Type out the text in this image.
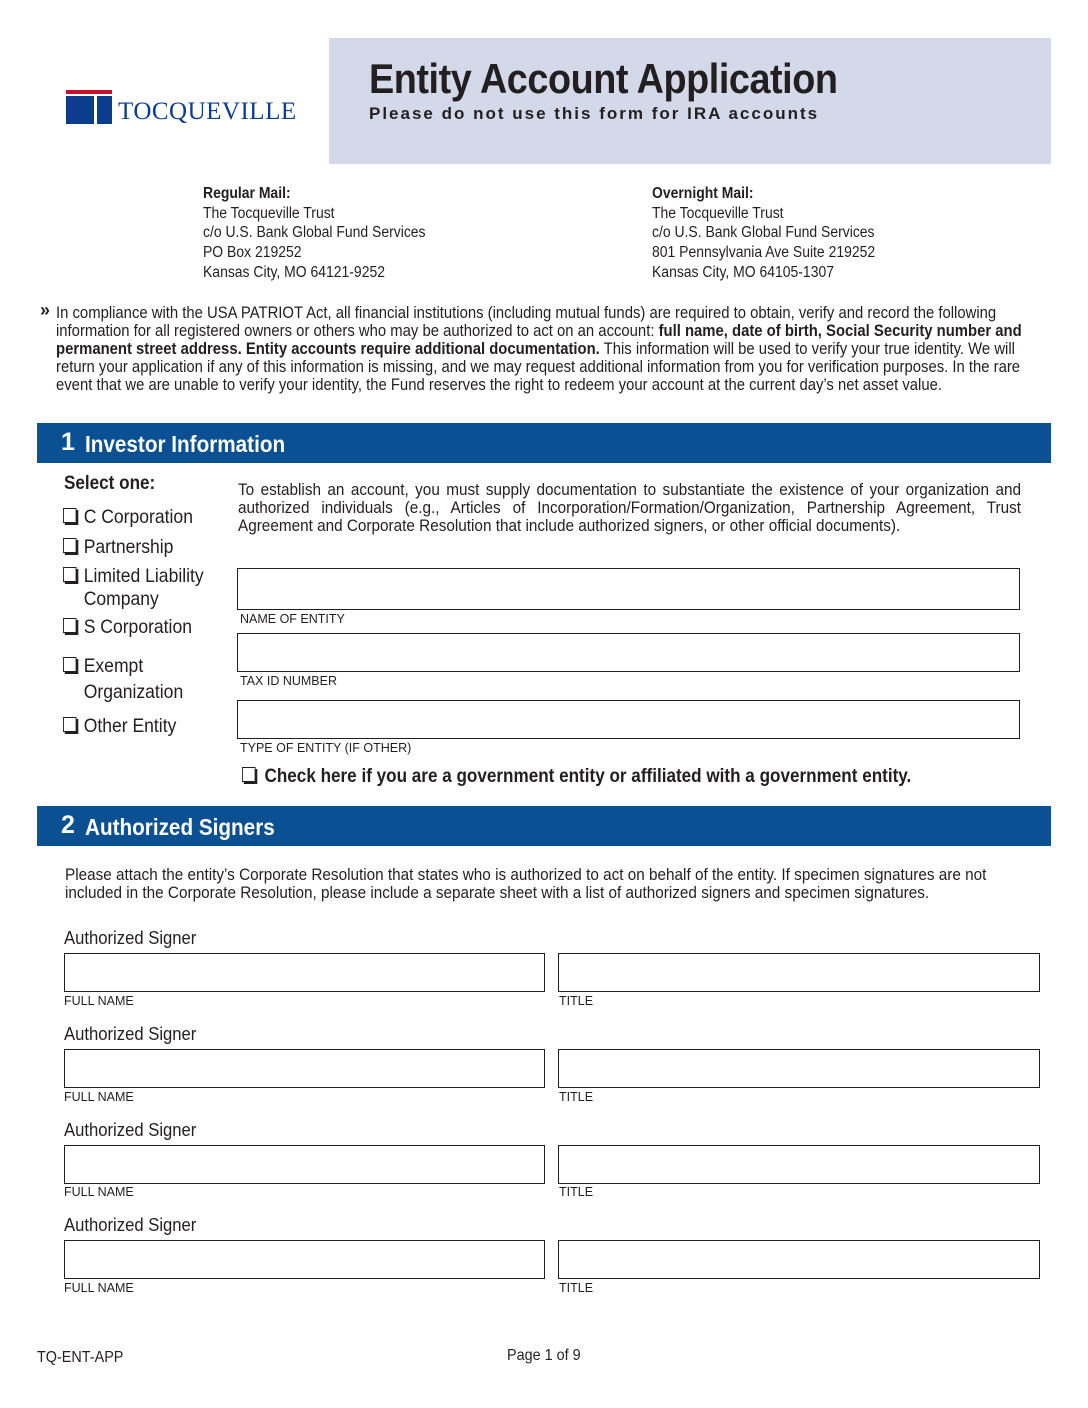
TOCQUEVILLE
Entity Account Application
Please do not use this form for IRA accounts
Regular Mail:
The Tocqueville Trust
c/o U.S. Bank Global Fund Services
PO Box 219252
Kansas City, MO 64121-9252
Overnight Mail:
The Tocqueville Trust
c/o U.S. Bank Global Fund Services
801 Pennsylvania Ave Suite 219252
Kansas City, MO 64105-1307
» In compliance with the USA PATRIOT Act, all financial institutions (including mutual funds) are required to obtain, verify and record the following information for all registered owners or others who may be authorized to act on an account: full name, date of birth, Social Security number and permanent street address. Entity accounts require additional documentation. This information will be used to verify your true identity. We will return your application if any of this information is missing, and we may request additional information from you for verification purposes. In the rare event that we are unable to verify your identity, the Fund reserves the right to redeem your account at the current day’s net asset value.
1 Investor Information
Select one:
C Corporation
Partnership
Limited Liability
Company
S Corporation
Exempt
Organization
Other Entity
To establish an account, you must supply documentation to substantiate the existence of your organization and authorized individuals (e.g., Articles of Incorporation/Formation/Organization, Partnership Agreement, Trust Agreement and Corporate Resolution that include authorized signers, or other official documents).
NAME OF ENTITY
TAX ID NUMBER
TYPE OF ENTITY (IF OTHER)
Check here if you are a government entity or affiliated with a government entity.
2 Authorized Signers
Please attach the entity’s Corporate Resolution that states who is authorized to act on behalf of the entity. If specimen signatures are not included in the Corporate Resolution, please include a separate sheet with a list of authorized signers and specimen signatures.
Authorized Signer
FULL NAME	TITLE
Authorized Signer
FULL NAME	TITLE
Authorized Signer
FULL NAME	TITLE
Authorized Signer
FULL NAME	TITLE
TQ-ENT-APP	Page 1 of 9
